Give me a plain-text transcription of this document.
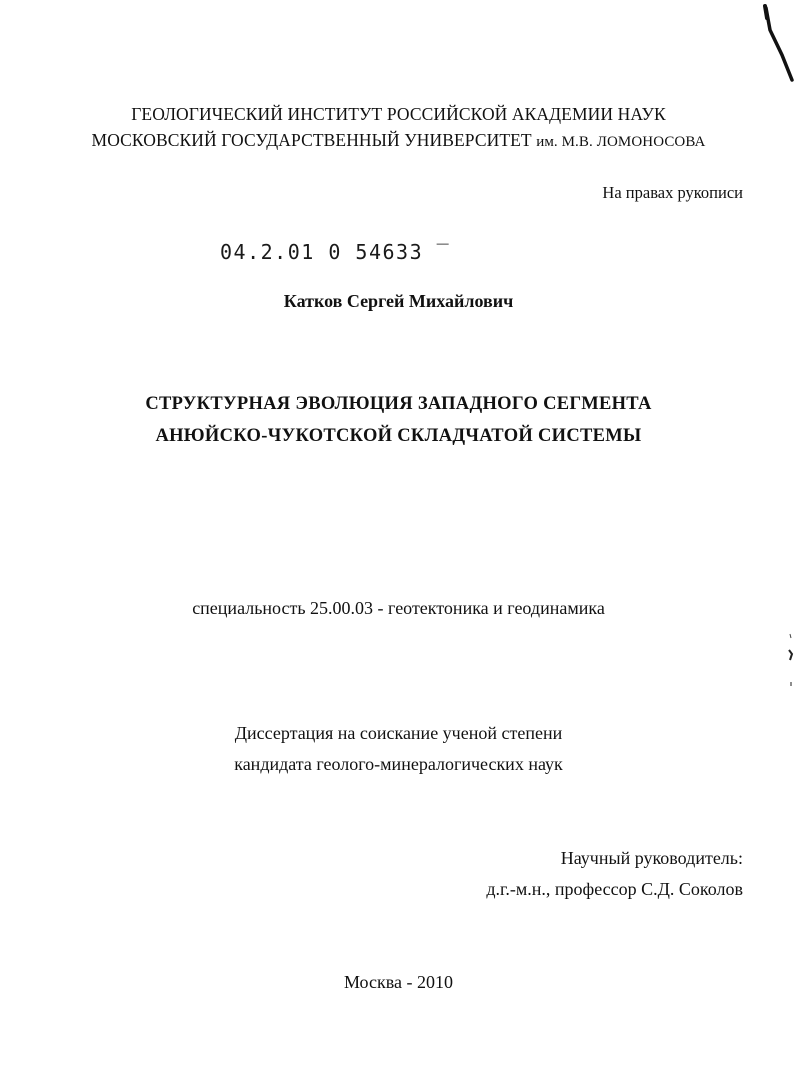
ГЕОЛОГИЧЕСКИЙ ИНСТИТУТ РОССИЙСКОЙ АКАДЕМИИ НАУК
МОСКОВСКИЙ ГОСУДАРСТВЕННЫЙ УНИВЕРСИТЕТ им. М.В. ЛОМОНОСОВА
На правах рукописи
04.2.01 0 54633 ‾
Катков Сергей Михайлович
СТРУКТУРНАЯ ЭВОЛЮЦИЯ ЗАПАДНОГО СЕГМЕНТА
АНЮЙСКО-ЧУКОТСКОЙ СКЛАДЧАТОЙ СИСТЕМЫ
специальность 25.00.03 - геотектоника и геодинамика
Диссертация на соискание ученой степени
кандидата геолого-минералогических наук
Научный руководитель:
д.г.-м.н., профессор С.Д. Соколов
Москва - 2010
